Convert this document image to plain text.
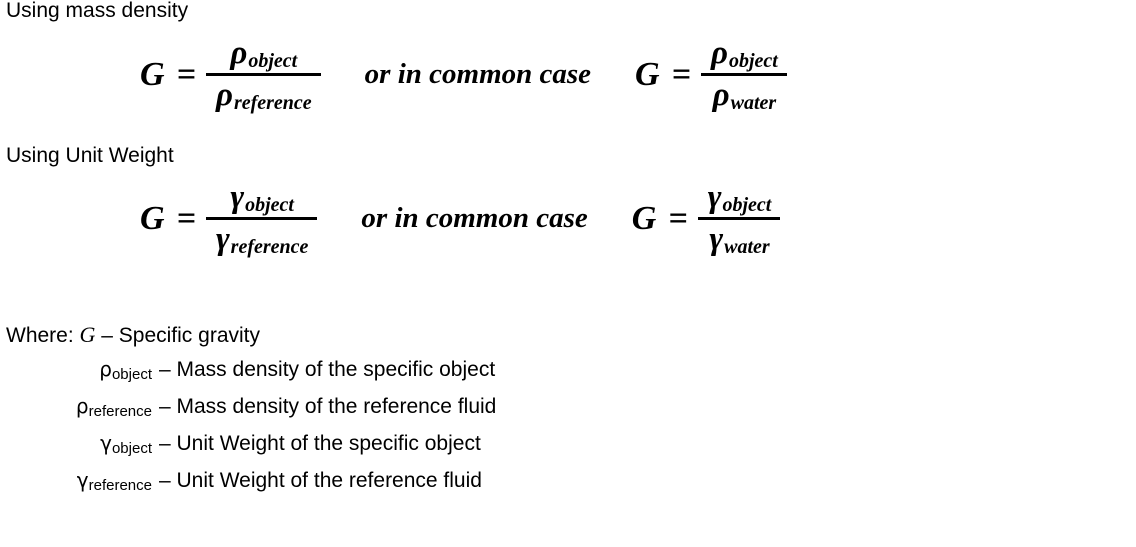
Using mass density
$G = \frac{\text{ρobject}}{\text{ρreference}}$ or in common case $G = \frac{\text{ρobject}}{\text{ρwater}}$
Using Unit Weight
$G = \frac{\text{γobject}}{\text{γreference}}$ or in common case $G = \frac{\text{γobject}}{\text{γwater}}$
Where: G – Specific gravity
ρobject – Mass density of the specific object
ρreference – Mass density of the reference fluid
γobject – Unit Weight of the specific object
γreference – Unit Weight of the reference fluid
